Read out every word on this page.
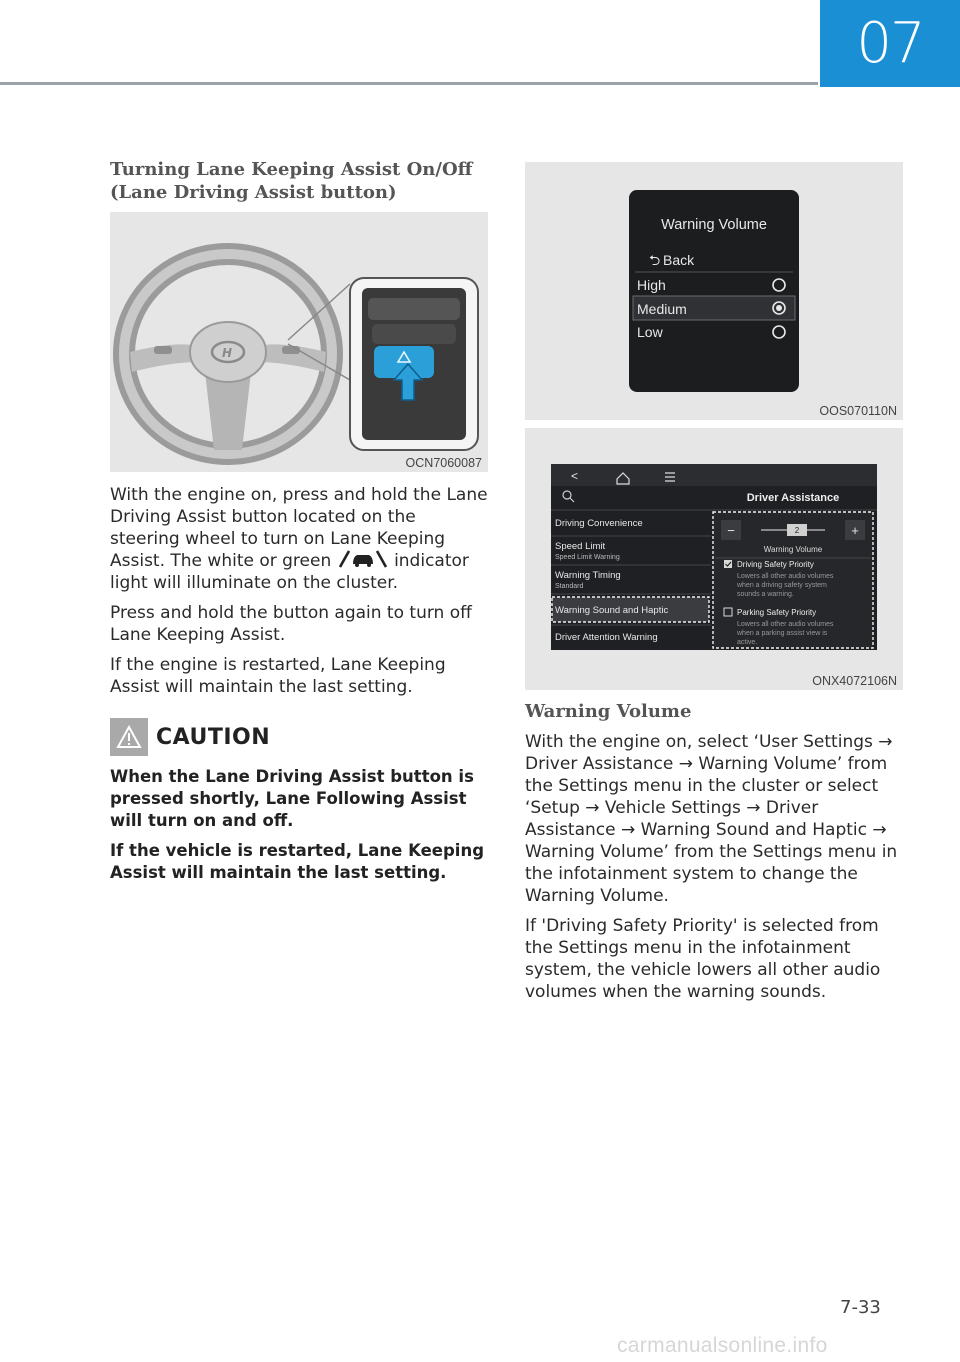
07
Turning Lane Keeping Assist On/Off
(Lane Driving Assist button)
H
OCN7060087

With the engine on, press and hold the Lane Driving Assist button located on the steering wheel to turn on Lane Keeping Assist. The white or green	indicator light will illuminate on the cluster.

Press and hold the button again to turn off Lane Keeping Assist.

If the engine is restarted, Lane Keeping Assist will maintain the last setting.

CAUTION

When the Lane Driving Assist button is pressed shortly, Lane Following Assist will turn on and off.

If the vehicle is restarted, Lane Keeping Assist will maintain the last setting.

Warning Volume
⮌ Back
High
Medium
Low
OOS070110N
<
Driver Assistance
Driving Convenience
Speed Limit
Speed Limit Warning
Warning Timing
Standard
Warning Sound and Haptic
Driver Attention Warning
−	+
2
Warning Volume
Driving Safety Priority
Lowers all other audio volumes
when a driving safety system
sounds a warning.
Parking Safety Priority
Lowers all other audio volumes
when a parking assist view is
active.
ONX4072106N
Warning Volume

With the engine on, select ‘User Settings → Driver Assistance → Warning Volume’ from the Settings menu in the cluster or select ‘Setup → Vehicle Settings → Driver Assistance → Warning Sound and Haptic → Warning Volume’ from the Settings menu in the infotainment system to change the Warning Volume.

If 'Driving Safety Priority' is selected from the Settings menu in the infotainment system, the vehicle lowers all other audio volumes when the warning sounds.

7-33
carmanualsonline.info
